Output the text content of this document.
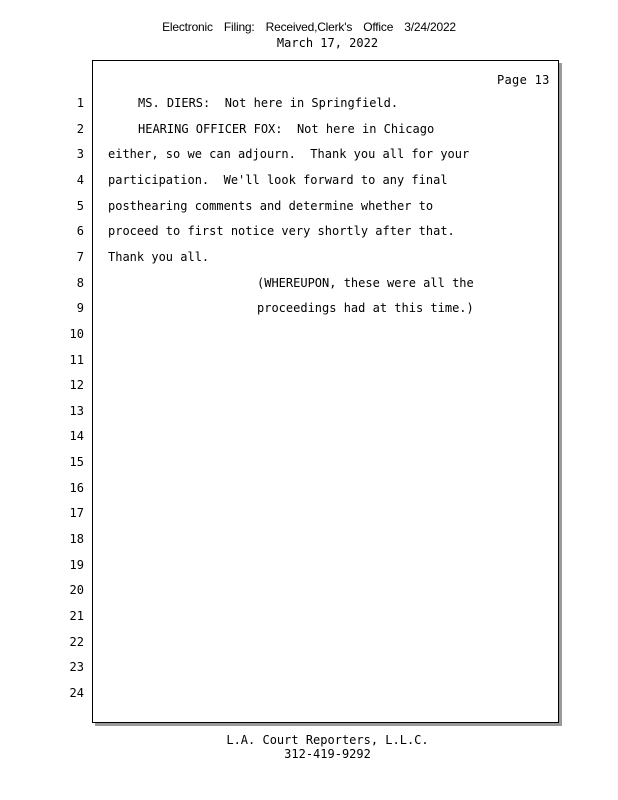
Electronic Filing: Received,Clerk's Office 3/24/2022
March 17, 2022
Page 13
1	MS. DIERS:  Not here in Springfield.
2	HEARING OFFICER FOX:  Not here in Chicago
3 either, so we can adjourn.  Thank you all for your
4 participation.  We'll look forward to any final
5 posthearing comments and determine whether to
6 proceed to first notice very shortly after that.
7 Thank you all.
8	(WHEREUPON, these were all the
9	proceedings had at this time.)
10
11
12
13
14
15
16
17
18
19
20
21
22
23
24
L.A. Court Reporters, L.L.C.
312-419-9292
